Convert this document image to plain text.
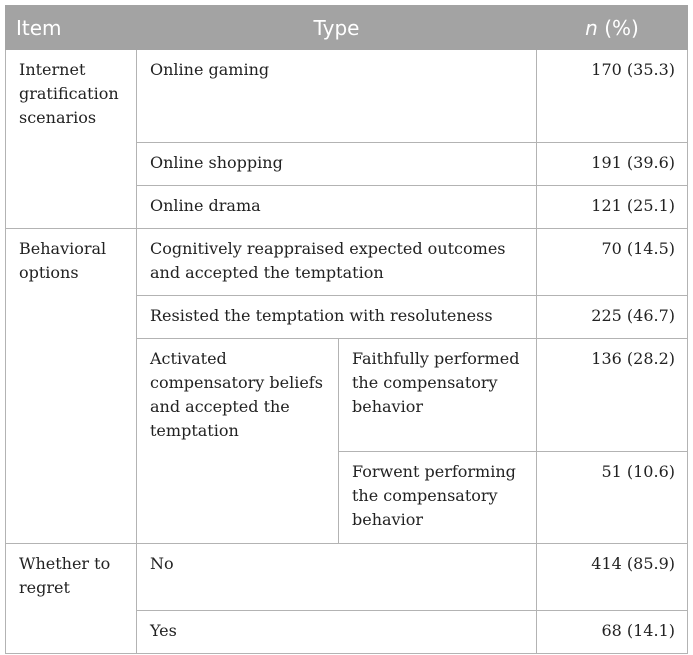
Item	Type		n (%)
Internet gratification scenarios	Online gaming		170 (35.3)
	Online shopping		191 (39.6)
	Online drama		121 (25.1)
Behavioral options	Cognitively reappraised expected outcomes and accepted the temptation		70 (14.5)
	Resisted the temptation with resoluteness		225 (46.7)
	Activated compensatory beliefs and accepted the temptation	Faithfully performed the compensatory behavior	136 (28.2)
		Forwent performing the compensatory behavior	51 (10.6)
Whether to regret	No		414 (85.9)
	Yes		68 (14.1)
